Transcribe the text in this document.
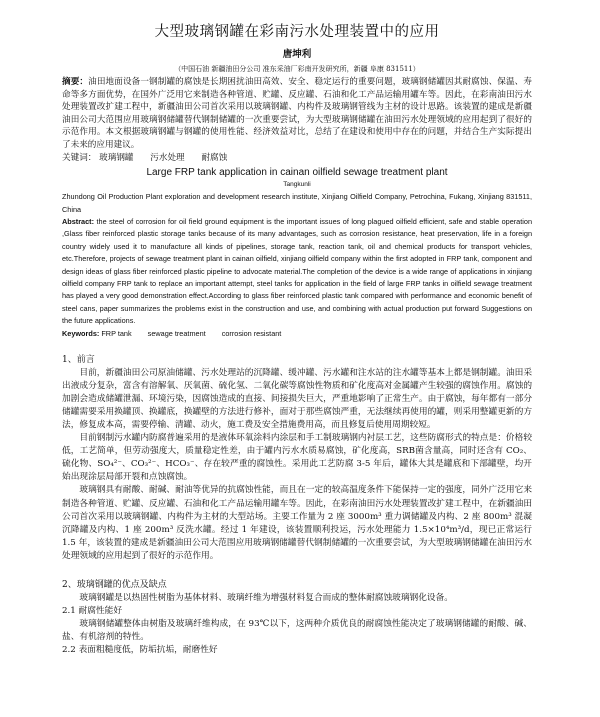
大型玻璃钢罐在彩南污水处理装置中的应用
唐坤利
（中国石油 新疆油田分公司 准东采油厂彩南开发研究所，新疆 阜康 831511）

摘要：油田地面设备一钢制罐的腐蚀是长期困扰油田高效、安全、稳定运行的重要问题，玻璃钢储罐因其耐腐蚀、保温、寿命等多方面优势，在国外广泛用它来制造各种管道、贮罐、反应罐、石油和化工产品运输用罐车等。因此，在彩南油田污水处理装置改扩建工程中，新疆油田公司首次采用以玻璃钢罐、内构件及玻璃钢管线为主材的设计思路。该装置的建成是新疆油田公司大范围应用玻璃钢储罐替代钢制储罐的一次重要尝试，为大型玻璃钢储罐在油田污水处理领域的应用起到了很好的示范作用。本文根据玻璃钢罐与钢罐的使用性能、经济效益对比，总结了在建设和使用中存在的问题，并结合生产实际提出了未来的应用建议。

关键词： 玻璃钢罐 污水处理 耐腐蚀

Large FRP tank application in cainan oilfield sewage treatment plant
Tangkunli

Zhundong Oil Production Plant exploration and development research institute, Xinjiang Oilfield Company, Petrochina, Fukang, Xinjiang 831511, China

Abstract: the steel of corrosion for oil field ground equipment is the important issues of long plagued oilfield efficient, safe and stable operation ,Glass fiber reinforced plastic storage tanks because of its many advantages, such as corrosion resistance, heat preservation, life in a foreign country widely used it to manufacture all kinds of pipelines, storage tank, reaction tank, oil and chemical products for transport vehicles, etc.Therefore, projects of sewage treatment plant in cainan oilfield, xinjiang oilfield company within the first adopted in FRP tank, component and design ideas of glass fiber reinforced plastic pipeline to advocate material.The completion of the device is a wide range of applications in xinjiang oilfield company FRP tank to replace an important attempt, steel tanks for application in the field of large FRP tanks in oilfield sewage treatment has played a very good demonstration effect.According to glass fiber reinforced plastic tank compared with performance and economic benefit of steel cans, paper summarizes the problems exist in the construction and use, and combining with actual production put forward Suggestions on the future applications.

Keywords: FRP tank sewage treatment corrosion resistant

1、前言

目前，新疆油田公司原油储罐、污水处理站的沉降罐、缓冲罐、污水罐和注水站的注水罐等基本上都是钢制罐。油田采出液成分复杂，富含有溶解氧、厌氧菌、硫化氢、二氧化碳等腐蚀性物质和矿化度高对金属罐产生较强的腐蚀作用。腐蚀的加剧会造成储罐泄漏、环境污染，因腐蚀造成的直接、间接损失巨大，严重地影响了正常生产。由于腐蚀，每年都有一部分储罐需要采用换罐顶、换罐底，换罐壁的方法进行修补，面对于那些腐蚀严重，无法继续再使用的罐，则采用整罐更新的方法，修复成本高，需要停输、清罐、动火，施工费及安全措施费用高，而且修复后使用周期较短。

目前钢制污水罐内防腐普遍采用的是液体环氧涂料内涂层和手工制玻璃钢内衬层工艺，这些防腐形式的特点是：价格较低，工艺简单，但劳动强度大，质量稳定性差，由于罐内污水水质易腐蚀，矿化度高，SRB菌含量高，同时还含有 CO₂、硫化物、SO₄²⁻、CO₃²⁻、HCO₃⁻、存在较严重的腐蚀性。采用此工艺防腐 3-5 年后，罐体大其是罐底和下部罐壁，均开始出现涂层局部开裂和点蚀腐蚀。

玻璃钢具有耐酸、耐碱、耐油等优异的抗腐蚀性能，而且在一定的较高温度条件下能保持一定的强度，同外广泛用它来制造各种管道、贮罐、反应罐、石油和化工产品运输用罐车等。因此，在彩南油田污水处理装置改扩建工程中，在新疆油田公司首次采用以玻璃钢罐、内构件为主材的大型站场。主要工作量为 2 座 3000m³ 重力调储罐及内构、2 座 800m³ 混凝沉降罐及内构、1 座 200m³ 反洗水罐。经过 1 年建设，该装置顺利投运，污水处理能力 1.5×10⁴m³/d，现已正常运行 1.5 年，该装置的建成是新疆油田公司大范围应用玻璃钢储罐替代钢制储罐的一次重要尝试，为大型玻璃钢储罐在油田污水处理领域的应用起到了很好的示范作用。

2、玻璃钢罐的优点及缺点

玻璃钢罐是以热固性树脂为基体材料、玻璃纤维为增强材料复合而成的整体耐腐蚀玻璃钢化设备。

2.1 耐腐性能好

玻璃钢储罐整体由树脂及玻璃纤维构成，在 93℃以下，这两种介质优良的耐腐蚀性能决定了玻璃钢储罐的耐酸、碱、盐、有机溶剂的特性。

2.2 表面粗糙度低，防垢抗垢，耐磨性好
